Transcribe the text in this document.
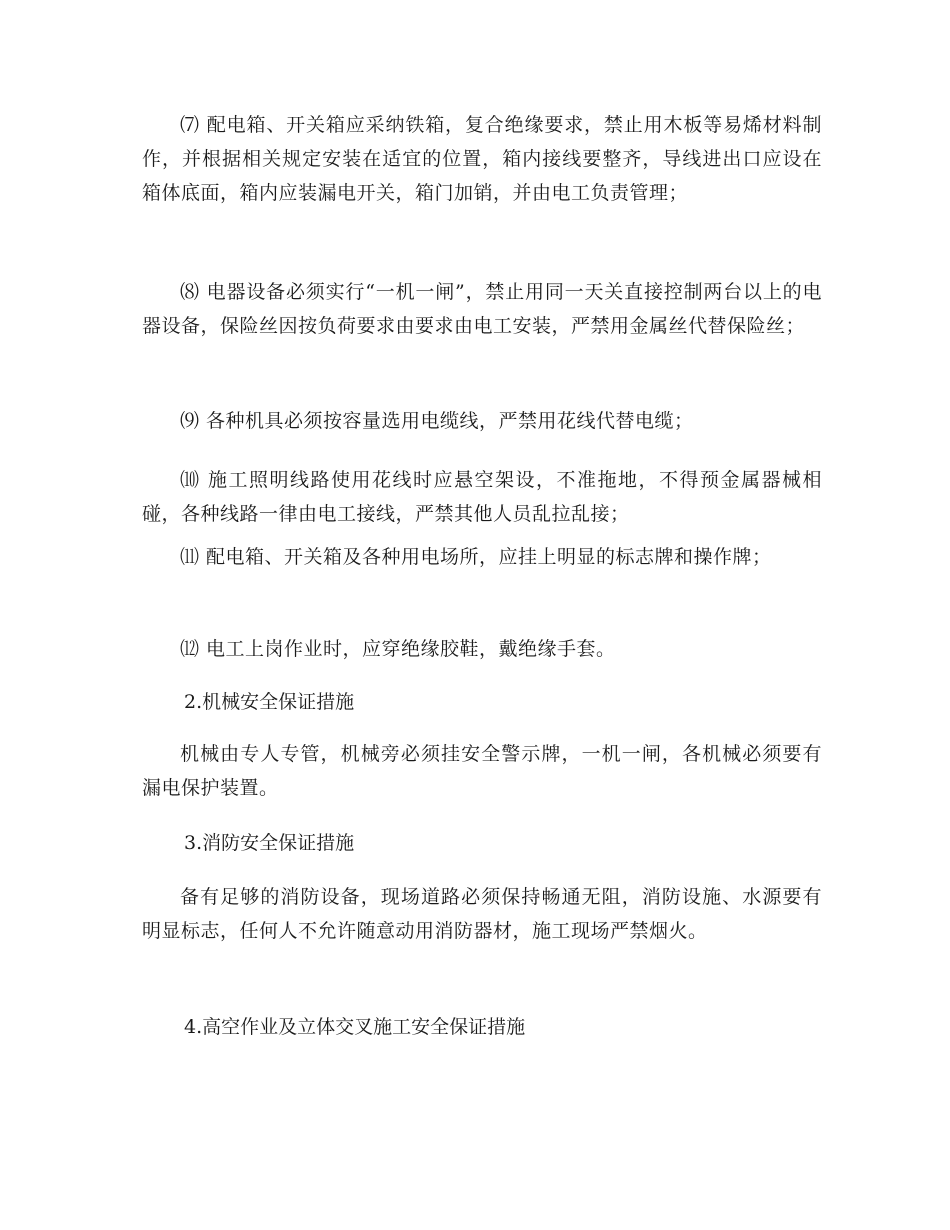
⑺ 配电箱、开关箱应采纳铁箱，复合绝缘要求，禁止用木板等易烯材料制作，并根据相关规定安装在适宜的位置，箱内接线要整齐，导线进出口应设在箱体底面，箱内应装漏电开关，箱门加销，并由电工负责管理；

⑻ 电器设备必须实行“一机一闸”，禁止用同一天关直接控制两台以上的电器设备，保险丝因按负荷要求由要求由电工安装，严禁用金属丝代替保险丝；

⑼ 各种机具必须按容量选用电缆线，严禁用花线代替电缆；

⑽ 施工照明线路使用花线时应悬空架设，不准拖地，不得预金属器械相碰，各种线路一律由电工接线，严禁其他人员乱拉乱接；

⑾ 配电箱、开关箱及各种用电场所，应挂上明显的标志牌和操作牌；

⑿ 电工上岗作业时，应穿绝缘胶鞋，戴绝缘手套。

2.机械安全保证措施

机械由专人专管，机械旁必须挂安全警示牌，一机一闸，各机械必须要有漏电保护装置。

3.消防安全保证措施

备有足够的消防设备，现场道路必须保持畅通无阻，消防设施、水源要有明显标志，任何人不允许随意动用消防器材，施工现场严禁烟火。

4.高空作业及立体交叉施工安全保证措施
